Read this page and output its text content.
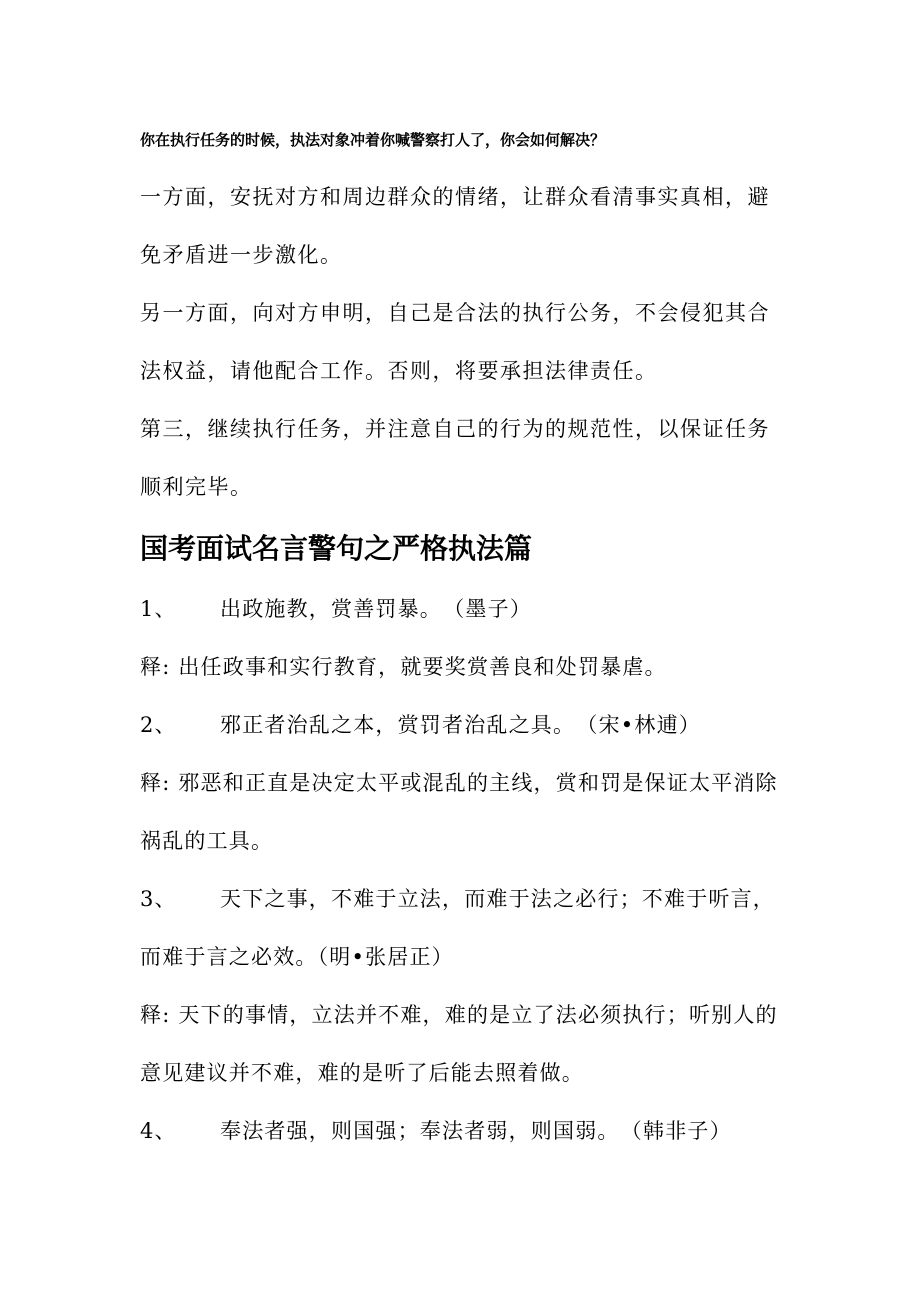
你在执行任务的时候，执法对象冲着你喊警察打人了，你会如何解决？
一方面，安抚对方和周边群众的情绪，让群众看清事实真相，避免矛盾进一步激化。
另一方面，向对方申明，自己是合法的执行公务，不会侵犯其合法权益，请他配合工作。否则，将要承担法律责任。
第三，继续执行任务，并注意自己的行为的规范性，以保证任务顺利完毕。
国考面试名言警句之严格执法篇
1、 出政施教，赏善罚暴。　（墨子）
释: 出任政事和实行教育，就要奖赏善良和处罚暴虐。
2、 邪正者治乱之本，赏罚者治乱之具。　（宋•林逋）
释: 邪恶和正直是决定太平或混乱的主线，赏和罚是保证太平消除祸乱的工具。
3、 天下之事，不难于立法，而难于法之必行；不难于听言，而难于言之必效。（明•张居正）
释: 天下的事情，立法并不难，难的是立了法必须执行；听别人的意见建议并不难，难的是听了后能去照着做。
4、 奉法者强，则国强；奉法者弱，则国弱。　（韩非子）
